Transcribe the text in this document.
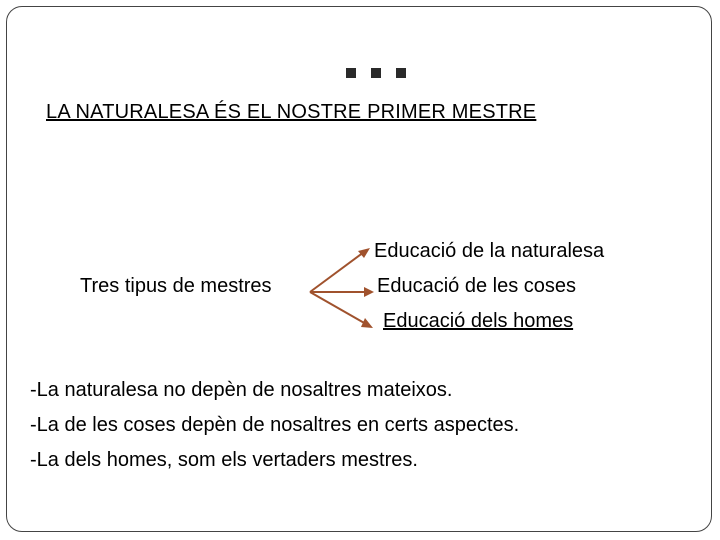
LA NATURALESA ÉS EL NOSTRE PRIMER MESTRE
Tres tipus de mestres
Educació de la naturalesa
Educació de les coses
Educació dels homes
-La naturalesa no depèn de nosaltres mateixos.
-La de les coses depèn de nosaltres en certs aspectes.
-La dels homes, som els vertaders mestres.
